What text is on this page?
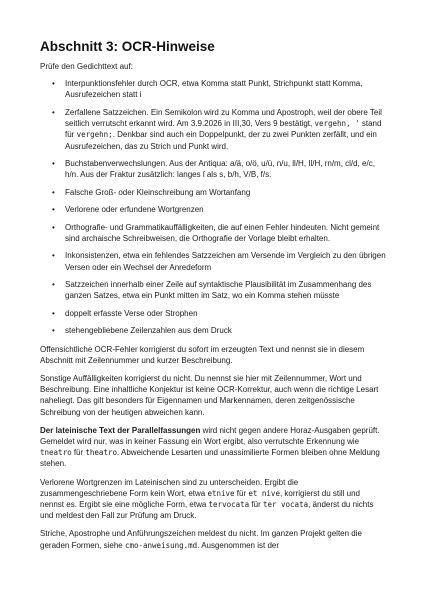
Abschnitt 3: OCR-Hinweise

Prüfe den Gedichttext auf:

• Interpunktionsfehler durch OCR, etwa Komma statt Punkt, Strichpunkt statt Komma, Ausrufezeichen statt i
• Zerfallene Satzzeichen. Ein Semikolon wird zu Komma und Apostroph, weil der obere Teil seitlich verrutscht erkannt wird. Am 3.9.2026 in III,30, Vers 9 bestätigt, vergehn, ' stand für vergehn;. Denkbar sind auch ein Doppelpunkt, der zu zwei Punkten zerfällt, und ein Ausrufezeichen, das zu Strich und Punkt wird.
• Buchstabenverwechslungen. Aus der Antiqua: a/ä, o/ö, u/ü, n/u, ll/H, Il/H, rn/m, cl/d, e/c, h/n. Aus der Fraktur zusätzlich: langes ſ als s, b/h, V/B, f/s.
• Falsche Groß- oder Kleinschreibung am Wortanfang
• Verlorene oder erfundene Wortgrenzen
• Orthografie- und Grammatikauffälligkeiten, die auf einen Fehler hindeuten. Nicht gemeint sind archaische Schreibweisen, die Orthografie der Vorlage bleibt erhalten.
• Inkonsistenzen, etwa ein fehlendes Satzzeichen am Versende im Vergleich zu den übrigen Versen oder ein Wechsel der Anredeform
• Satzzeichen innerhalb einer Zeile auf syntaktische Plausibilität im Zusammenhang des ganzen Satzes, etwa ein Punkt mitten im Satz, wo ein Komma stehen müsste
• doppelt erfasste Verse oder Strophen
• stehengebliebene Zeilenzahlen aus dem Druck

Offensichtliche OCR-Fehler korrigierst du sofort im erzeugten Text und nennst sie in diesem Abschnitt mit Zeilennummer und kurzer Beschreibung.

Sonstige Auffälligkeiten korrigierst du nicht. Du nennst sie hier mit Zeilennummer, Wort und Beschreibung. Eine inhaltliche Konjektur ist keine OCR-Korrektur, auch wenn die richtige Lesart naheliegt. Das gilt besonders für Eigennamen und Markennamen, deren zeitgenössische Schreibung von der heutigen abweichen kann.

Der lateinische Text der Parallelfassungen wird nicht gegen andere Horaz-Ausgaben geprüft. Gemeldet wird nur, was in keiner Fassung ein Wort ergibt, also verrutschte Erkennung wie tneatro für theatro. Abweichende Lesarten und unassimilierte Formen bleiben ohne Meldung stehen.

Verlorene Wortgrenzen im Lateinischen sind zu unterscheiden. Ergibt die zusammengeschriebene Form kein Wort, etwa etnive für et nive, korrigierst du still und nennst es. Ergibt sie eine mögliche Form, etwa tervocata für ter vocata, änderst du nichts und meldest den Fall zur Prüfung am Druck.

Striche, Apostrophe und Anführungszeichen meldest du nicht. Im ganzen Projekt gelten die geraden Formen, siehe cmo-anweisung.md. Ausgenommen ist der
